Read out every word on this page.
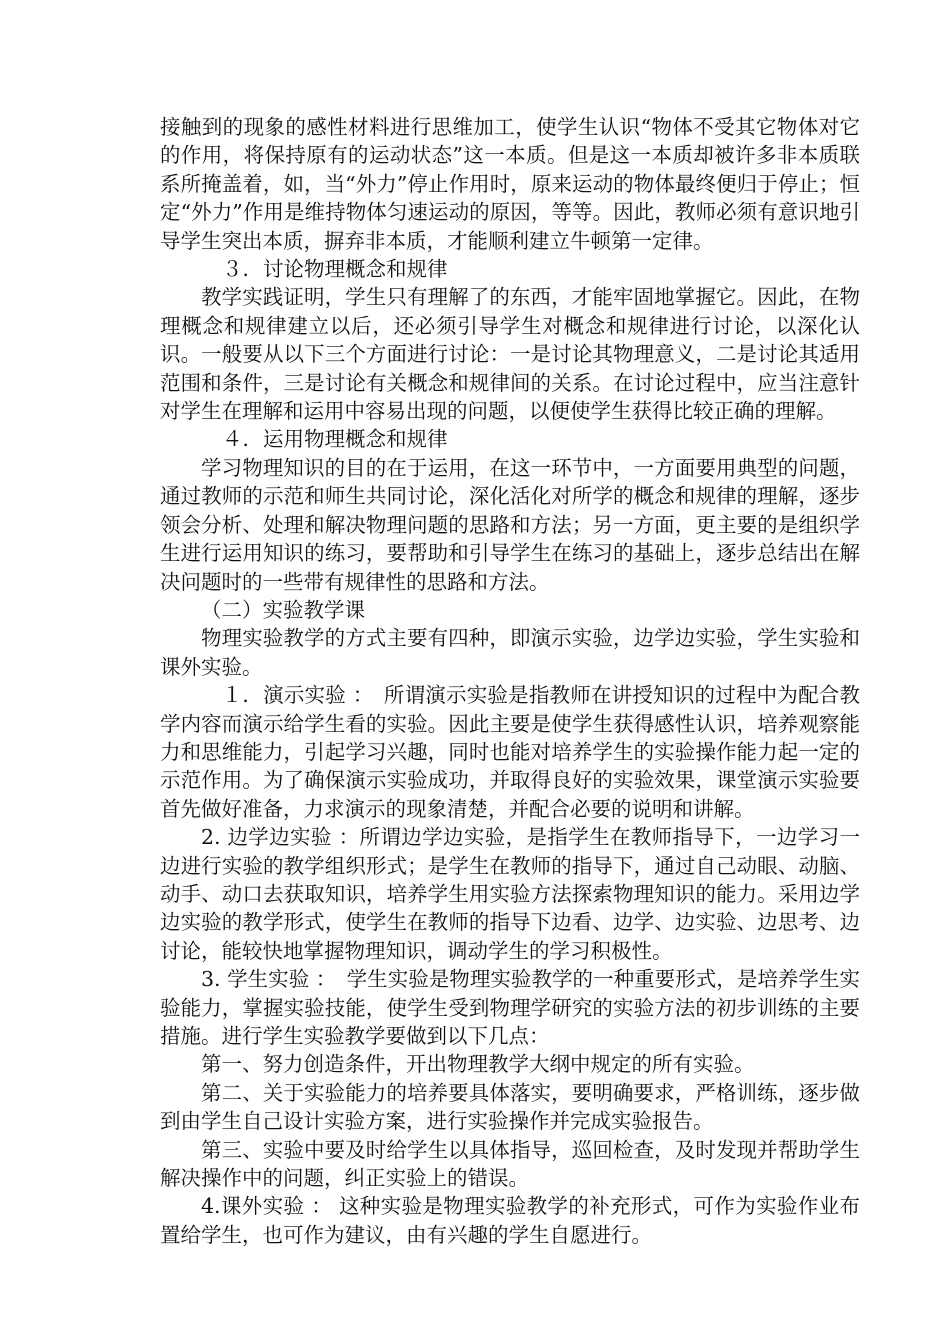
接触到的现象的感性材料进行思维加工，使学生认识“物体不受其它物体对它的作用，将保持原有的运动状态”这一本质。但是这一本质却被许多非本质联系所掩盖着，如，当“外力”停止作用时，原来运动的物体最终便归于停止；恒定“外力”作用是维持物体匀速运动的原因，等等。因此，教师必须有意识地引导学生突出本质，摒弃非本质，才能顺利建立牛顿第一定律。

３．讨论物理概念和规律

教学实践证明，学生只有理解了的东西，才能牢固地掌握它。因此，在物理概念和规律建立以后，还必须引导学生对概念和规律进行讨论，以深化认识。一般要从以下三个方面进行讨论：一是讨论其物理意义，二是讨论其适用范围和条件，三是讨论有关概念和规律间的关系。在讨论过程中，应当注意针对学生在理解和运用中容易出现的问题，以便使学生获得比较正确的理解。

４．运用物理概念和规律

学习物理知识的目的在于运用，在这一环节中，一方面要用典型的问题，通过教师的示范和师生共同讨论，深化活化对所学的概念和规律的理解，逐步领会分析、处理和解决物理问题的思路和方法；另一方面，更主要的是组织学生进行运用知识的练习，要帮助和引导学生在练习的基础上，逐步总结出在解决问题时的一些带有规律性的思路和方法。

（二）实验教学课

物理实验教学的方式主要有四种，即演示实验，边学边实验，学生实验和课外实验。

　１．演示实验 ：　所谓演示实验是指教师在讲授知识的过程中为配合教学内容而演示给学生看的实验。因此主要是使学生获得感性认识，培养观察能力和思维能力，引起学习兴趣，同时也能对培养学生的实验操作能力起一定的示范作用。为了确保演示实验成功，并取得良好的实验效果，课堂演示实验要首先做好准备，力求演示的现象清楚，并配合必要的说明和讲解。

2. 边学边实验 ：所谓边学边实验，是指学生在教师指导下，一边学习一边进行实验的教学组织形式；是学生在教师的指导下，通过自己动眼、动脑、动手、动口去获取知识，培养学生用实验方法探索物理知识的能力。采用边学边实验的教学形式，使学生在教师的指导下边看、边学、边实验、边思考、边讨论，能较快地掌握物理知识，调动学生的学习积极性。

3. 学生实验 ：　学生实验是物理实验教学的一种重要形式，是培养学生实验能力，掌握实验技能，使学生受到物理学研究的实验方法的初步训练的主要措施。进行学生实验教学要做到以下几点：

第一、努力创造条件，开出物理教学大纲中规定的所有实验。

第二、关于实验能力的培养要具体落实，要明确要求，严格训练，逐步做到由学生自己设计实验方案，进行实验操作并完成实验报告。

第三、实验中要及时给学生以具体指导，巡回检查，及时发现并帮助学生解决操作中的问题，纠正实验上的错误。

4.课外实验 ： 这种实验是物理实验教学的补充形式，可作为实验作业布置给学生，也可作为建议，由有兴趣的学生自愿进行。
